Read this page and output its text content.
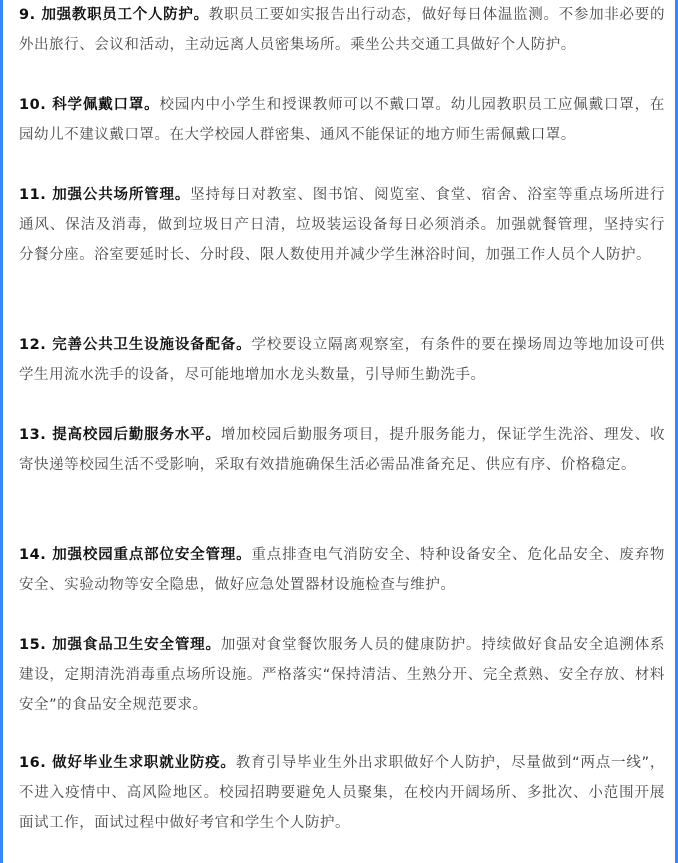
9. 加强教职员工个人防护。教职员工要如实报告出行动态，做好每日体温监测。不参加非必要的外出旅行、会议和活动，主动远离人员密集场所。乘坐公共交通工具做好个人防护。

10. 科学佩戴口罩。校园内中小学生和授课教师可以不戴口罩。幼儿园教职员工应佩戴口罩，在园幼儿不建议戴口罩。在大学校园人群密集、通风不能保证的地方师生需佩戴口罩。

11. 加强公共场所管理。坚持每日对教室、图书馆、阅览室、食堂、宿舍、浴室等重点场所进行通风、保洁及消毒，做到垃圾日产日清，垃圾装运设备每日必须消杀。加强就餐管理，坚持实行分餐分座。浴室要延时长、分时段、限人数使用并减少学生淋浴时间，加强工作人员个人防护。

12. 完善公共卫生设施设备配备。学校要设立隔离观察室，有条件的要在操场周边等地加设可供学生用流水洗手的设备，尽可能地增加水龙头数量，引导师生勤洗手。

13. 提高校园后勤服务水平。增加校园后勤服务项目，提升服务能力，保证学生洗浴、理发、收寄快递等校园生活不受影响，采取有效措施确保生活必需品准备充足、供应有序、价格稳定。

14. 加强校园重点部位安全管理。重点排查电气消防安全、特种设备安全、危化品安全、废弃物安全、实验动物等安全隐患，做好应急处置器材设施检查与维护。

15. 加强食品卫生安全管理。加强对食堂餐饮服务人员的健康防护。持续做好食品安全追溯体系建设，定期清洗消毒重点场所设施。严格落实“保持清洁、生熟分开、完全煮熟、安全存放、材料安全”的食品安全规范要求。

16. 做好毕业生求职就业防疫。教育引导毕业生外出求职做好个人防护，尽量做到“两点一线”，不进入疫情中、高风险地区。校园招聘要避免人员聚集，在校内开阔场所、多批次、小范围开展面试工作，面试过程中做好考官和学生个人防护。
